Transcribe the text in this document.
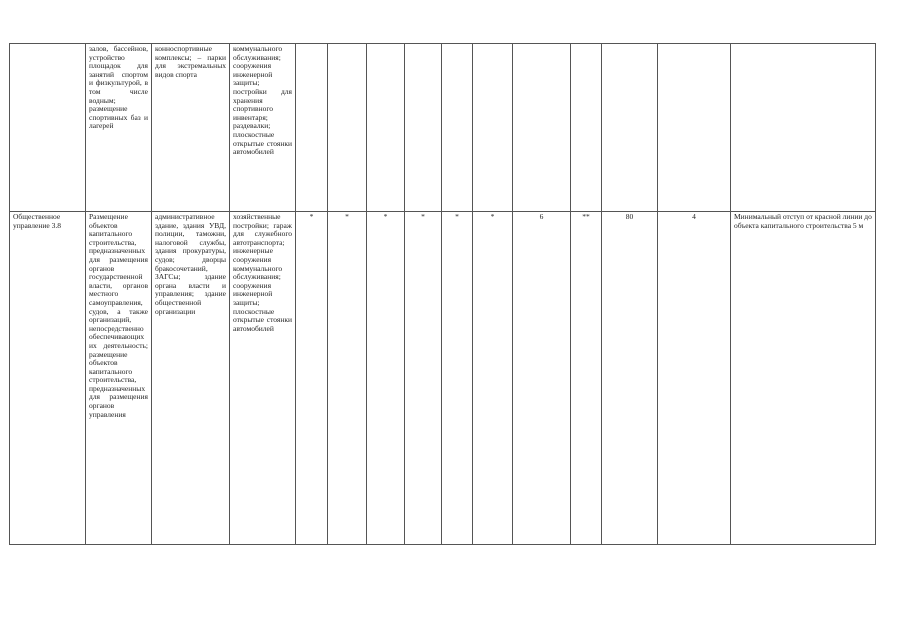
	залов, бассейнов, устройство площадок для занятий спортом и физкультурой, в том числе водным; размещение спортивных баз и лагерей	конноспортивные комплексы; – парки для экстремальных видов спорта	коммунального обслуживания; сооружения инженерной защиты; постройки для хранения спортивного инвентаря; раздевалки; плоскостные открытые стоянки автомобилей											
Общественное управление 3.8	Размещение объектов капитального строительства, предназначенных для размещения органов государственной власти, органов местного самоуправления, судов, а также организаций, непосредственно обеспечивающих их деятельность; размещение объектов капитального строительства, предназначенных для размещения органов управления	административное здание, здания УВД, полиции, таможни, налоговой службы, здания прокуратуры, судов; дворцы бракосочетаний, ЗАГСы; здание органа власти и управления; здание общественной организации	хозяйственные постройки; гараж для служебного автотранспорта; инженерные сооружения коммунального обслуживания; сооружения инженерной защиты; плоскостные открытые стоянки автомобилей	*	*	*	*	*	*	6	**	80	4	Минимальный отступ от красной линии до объекта капитального строительства 5 м
